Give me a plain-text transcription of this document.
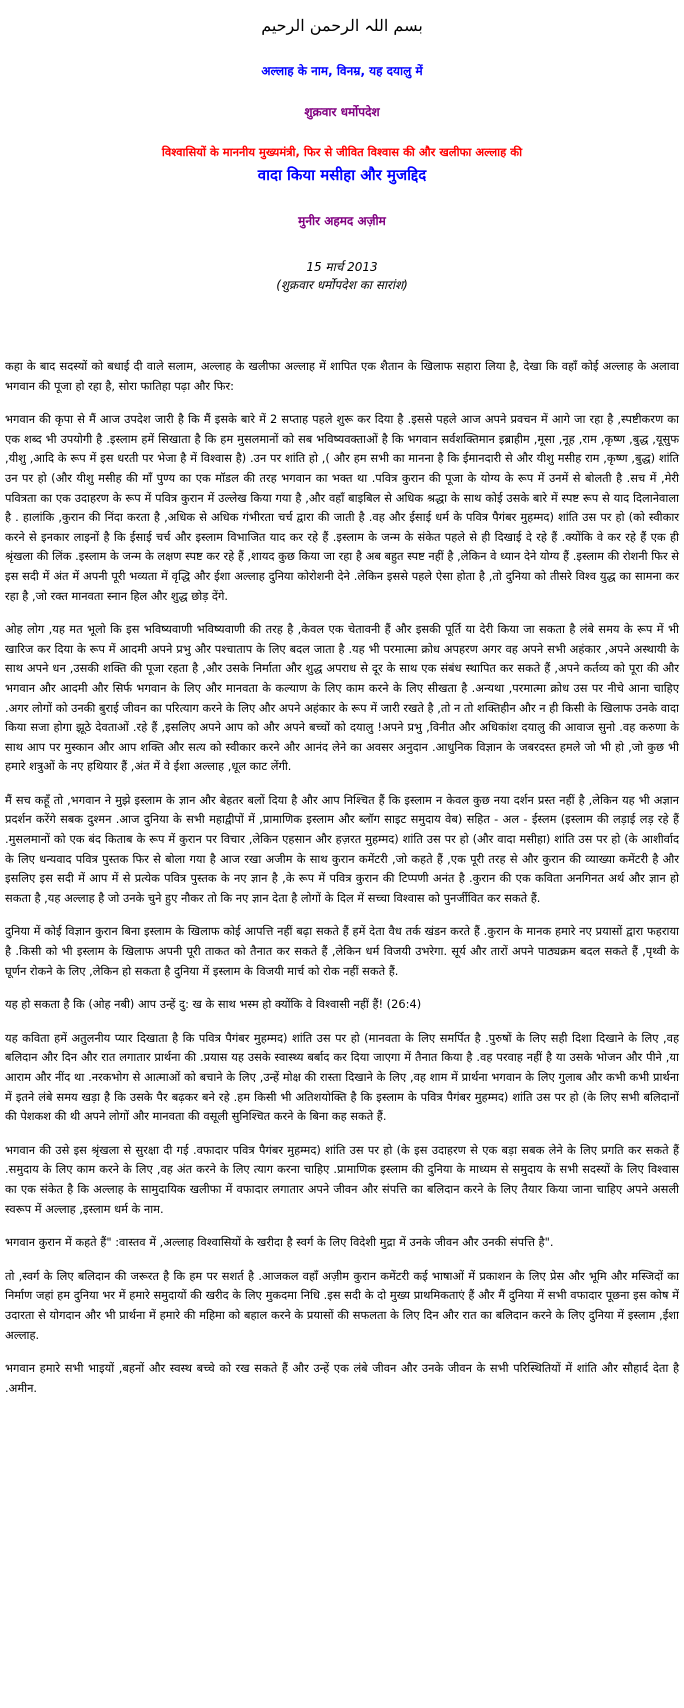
بسم اللہ الرحمن الرحیم
अल्लाह के नाम, विनम्र, यह दयालु में
शुक्रवार धर्मोपदेश
विश्वासियों के माननीय मुख्यमंत्री, फिर से जीवित विश्वास की और खलीफा अल्लाह की
वादा किया मसीहा और मुजद्दिद
मुनीर अहमद अज़ीम
15 मार्च 2013
(शुक्रवार धर्मोपदेश का सारांश)

कहा के बाद सदस्यों को बधाई दी वाले सलाम, अल्लाह के खलीफा अल्लाह में शापित एक शैतान के खिलाफ सहारा लिया है, देखा कि वहाँ कोई अल्लाह के अलावा भगवान की पूजा हो रहा है, सोरा फातिहा पढ़ा और फिर:

भगवान की कृपा से मैं आज उपदेश जारी है कि मैं इसके बारे में 2 सप्ताह पहले शुरू कर दिया है .इससे पहले आज अपने प्रवचन में आगे जा रहा है ,स्पष्टीकरण का एक शब्द भी उपयोगी है .इस्लाम हमें सिखाता है कि हम मुसलमानों को सब भविष्यवक्ताओं है कि भगवान सर्वशक्तिमान इब्राहीम ,मूसा ,नूह ,राम ,कृष्ण ,बुद्ध ,यूसुफ ,यीशु ,आदि के रूप में इस धरती पर भेजा है में विश्वास है) .उन पर शांति हो ,( और हम सभी का मानना है कि ईमानदारी से और यीशु मसीह राम ,कृष्ण ,बुद्ध) शांति उन पर हो (और यीशु मसीह की माँ पुण्य का एक मॉडल की तरह भगवान का भक्त था .पवित्र कुरान की पूजा के योग्य के रूप में उनमें से बोलती है .सच में ,मेरी पवित्रता का एक उदाहरण के रूप में पवित्र कुरान में उल्लेख किया गया है ,और वहाँ बाइबिल से अधिक श्रद्धा के साथ कोई उसके बारे में स्पष्ट रूप से याद दिलानेवाला है . हालांकि ,कुरान की निंदा करता है ,अधिक से अधिक गंभीरता चर्च द्वारा की जाती है .वह और ईसाई धर्म के पवित्र पैगंबर मुहम्मद) शांति उस पर हो (को स्वीकार करने से इनकार लाइनों है कि ईसाई चर्च और इस्लाम विभाजित याद कर रहे हैं .इस्लाम के जन्म के संकेत पहले से ही दिखाई दे रहे हैं .क्योंकि वे कर रहे हैं एक ही श्रृंखला की लिंक .इस्लाम के जन्म के लक्षण स्पष्ट कर रहे हैं ,शायद कुछ किया जा रहा है अब बहुत स्पष्ट नहीं है ,लेकिन वे ध्यान देने योग्य हैं .इस्लाम की रोशनी फिर से इस सदी में अंत में अपनी पूरी भव्यता में वृद्धि और ईशा अल्लाह दुनिया कोरोशनी देने .लेकिन इससे पहले ऐसा होता है ,तो दुनिया को तीसरे विश्व युद्ध का सामना कर रहा है ,जो रक्त मानवता स्नान हिल और शुद्ध छोड़ देंगे.

ओह लोग ,यह मत भूलो कि इस भविष्यवाणी भविष्यवाणी की तरह है ,केवल एक चेतावनी हैं और इसकी पूर्ति या देरी किया जा सकता है लंबे समय के रूप में भी खारिज कर दिया के रूप में आदमी अपने प्रभु और पश्चाताप के लिए बदल जाता है .यह भी परमात्मा क्रोध अपहरण अगर वह अपने सभी अहंकार ,अपने अस्थायी के साथ अपने धन ,उसकी शक्ति की पूजा रहता है ,और उसके निर्माता और शुद्ध अपराध से दूर के साथ एक संबंध स्थापित कर सकते हैं ,अपने कर्तव्य को पूरा की और भगवान और आदमी और सिर्फ भगवान के लिए और मानवता के कल्याण के लिए काम करने के लिए सीखता है .अन्यथा ,परमात्मा क्रोध उस पर नीचे आना चाहिए .अगर लोगों को उनकी बुराई जीवन का परित्याग करने के लिए और अपने अहंकार के रूप में जारी रखते है ,तो न तो शक्तिहीन और न ही किसी के खिलाफ उनके वादा किया सजा होगा झूठे देवताओं .रहे हैं ,इसलिए अपने आप को और अपने बच्चों को दयालु !अपने प्रभु ,विनीत और अधिकांश दयालु की आवाज सुनो .वह करुणा के साथ आप पर मुस्कान और आप शक्ति और सत्य को स्वीकार करने और आनंद लेने का अवसर अनुदान .आधुनिक विज्ञान के जबरदस्त हमले जो भी हो ,जो कुछ भी हमारे शत्रुओं के नए हथियार हैं ,अंत में वे ईशा अल्लाह ,धूल काट लेंगी.

मैं सच कहूँ तो ,भगवान ने मुझे इस्लाम के ज्ञान और बेहतर बलों दिया है और आप निश्चित हैं कि इस्लाम न केवल कुछ नया दर्शन प्रस्त नहीं है ,लेकिन यह भी अज्ञान प्रदर्शन करेंगे सबक दुश्मन .आज दुनिया के सभी महाद्वीपों में ,प्रामाणिक इस्लाम और ब्लॉग साइट समुदाय वेब) सहित - अल - ईस्लम (इस्लाम की लड़ाई लड़ रहे हैं .मुसलमानों को एक बंद किताब के रूप में कुरान पर विचार ,लेकिन एहसान और हज़रत मुहम्मद) शांति उस पर हो (और वादा मसीहा) शांति उस पर हो (के आशीर्वाद के लिए धन्यवाद पवित्र पुस्तक फिर से बोला गया है आज रखा अजीम के साथ कुरान कमेंटरी ,जो कहते हैं ,एक पूरी तरह से और कुरान की व्याख्या कमेंटरी है और इसलिए इस सदी में आप में से प्रत्येक पवित्र पुस्तक के नए ज्ञान है ,के रूप में पवित्र कुरान की टिप्पणी अनंत है .कुरान की एक कविता अनगिनत अर्थ और ज्ञान हो सकता है ,यह अल्लाह है जो उनके चुने हुए नौकर तो कि नए ज्ञान देता है लोगों के दिल में सच्चा विश्वास को पुनर्जीवित कर सकते हैं.

दुनिया में कोई विज्ञान कुरान बिना इस्लाम के खिलाफ कोई आपत्ति नहीं बढ़ा सकते हैं हमें देता वैध तर्क खंडन करते हैं .कुरान के मानक हमारे नए प्रयासों द्वारा फहराया है .किसी को भी इस्लाम के खिलाफ अपनी पूरी ताकत को तैनात कर सकते हैं ,लेकिन धर्म विजयी उभरेगा. सूर्य और तारों अपने पाठ्यक्रम बदल सकते हैं ,पृथ्वी के घूर्णन रोकने के लिए ,लेकिन हो सकता है दुनिया में इस्लाम के विजयी मार्च को रोक नहीं सकते हैं.

यह हो सकता है कि (ओह नबी) आप उन्हें दु: ख के साथ भस्म हो क्योंकि वे विश्वासी नहीं हैं! (26:4)

यह कविता हमें अतुलनीय प्यार दिखाता है कि पवित्र पैगंबर मुहम्मद) शांति उस पर हो (मानवता के लिए समर्पित है .पुरुषों के लिए सही दिशा दिखाने के लिए ,वह बलिदान और दिन और रात लगातार प्रार्थना की .प्रयास यह उसके स्वास्थ्य बर्बाद कर दिया जाएगा में तैनात किया है .वह परवाह नहीं है या उसके भोजन और पीने ,या आराम और नींद था .नरकभोग से आत्माओं को बचाने के लिए ,उन्हें मोक्ष की रास्ता दिखाने के लिए ,वह शाम में प्रार्थना भगवान के लिए गुलाब और कभी कभी प्रार्थना में इतने लंबे समय खड़ा है कि उसके पैर बढ़कर बने रहे .हम किसी भी अतिशयोक्ति है कि इस्लाम के पवित्र पैगंबर मुहम्मद) शांति उस पर हो (के लिए सभी बलिदानों की पेशकश की थी अपने लोगों और मानवता की वसूली सुनिश्चित करने के बिना कह सकते हैं.

भगवान की उसे इस श्रृंखला से सुरक्षा दी गई .वफादार पवित्र पैगंबर मुहम्मद) शांति उस पर हो (के इस उदाहरण से एक बड़ा सबक लेने के लिए प्रगति कर सकते हैं .समुदाय के लिए काम करने के लिए ,वह अंत करने के लिए त्याग करना चाहिए .प्रामाणिक इस्लाम की दुनिया के माध्यम से समुदाय के सभी सदस्यों के लिए विश्वास का एक संकेत है कि अल्लाह के सामुदायिक खलीफा में वफादार लगातार अपने जीवन और संपत्ति का बलिदान करने के लिए तैयार किया जाना चाहिए अपने असली स्वरूप में अल्लाह ,इस्लाम धर्म के नाम.

भगवान कुरान में कहते हैं" :वास्तव में ,अल्लाह विश्वासियों के खरीदा है स्वर्ग के लिए विदेशी मुद्रा में उनके जीवन और उनकी संपत्ति है".

तो ,स्वर्ग के लिए बलिदान की जरूरत है कि हम पर सशर्त है .आजकल वहाँ अज़ीम कुरान कमेंटरी कई भाषाओं में प्रकाशन के लिए प्रेस और भूमि और मस्जिदों का निर्माण जहां हम दुनिया भर में हमारे समुदायों की खरीद के लिए मुकदमा निधि .इस सदी के दो मुख्य प्राथमिकताएं हैं और मैं दुनिया में सभी वफादार पूछना इस कोष में उदारता से योगदान और भी प्रार्थना में हमारे की महिमा को बहाल करने के प्रयासों की सफलता के लिए दिन और रात का बलिदान करने के लिए दुनिया में इस्लाम ,ईशा अल्लाह.

भगवान हमारे सभी भाइयों ,बहनों और स्वस्थ बच्चे को रख सकते हैं और उन्हें एक लंबे जीवन और उनके जीवन के सभी परिस्थितियों में शांति और सौहार्द देता है .अमीन.
